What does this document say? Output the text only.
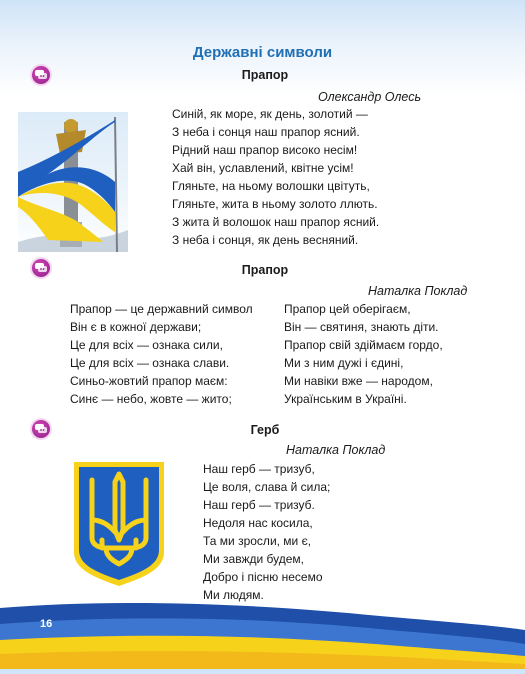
Державні символи
Прапор
Олександр Олесь
Синій, як море, як день, золотий —
З неба і сонця наш прапор ясний.
Рідний наш прапор високо несім!
Хай він, уславлений, квітне усім!
Гляньте, на ньому волошки цвітуть,
Гляньте, жита в ньому золото ллють.
З жита й волошок наш прапор ясний.
З неба і сонця, як день весняний.
Прапор
Наталка Поклад
Прапор — це державний символ
Він є в кожної держави;
Це для всіх — ознака сили,
Це для всіх — ознака слави.
Синьо-жовтий прапор маєм:
Синє — небо, жовте — жито;
Прапор цей оберігаєм,
Він — святиня, знають діти.
Прапор свій здіймаєм гордо,
Ми з ним дужі і єдині,
Ми навіки вже — народом,
Українським в Україні.
Герб
Наталка Поклад
Наш герб — тризуб,
Це воля, слава й сила;
Наш герб — тризуб.
Недоля нас косила,
Та ми зросли, ми є,
Ми завжди будем,
Добро і пісню несемо
Ми людям.
16
